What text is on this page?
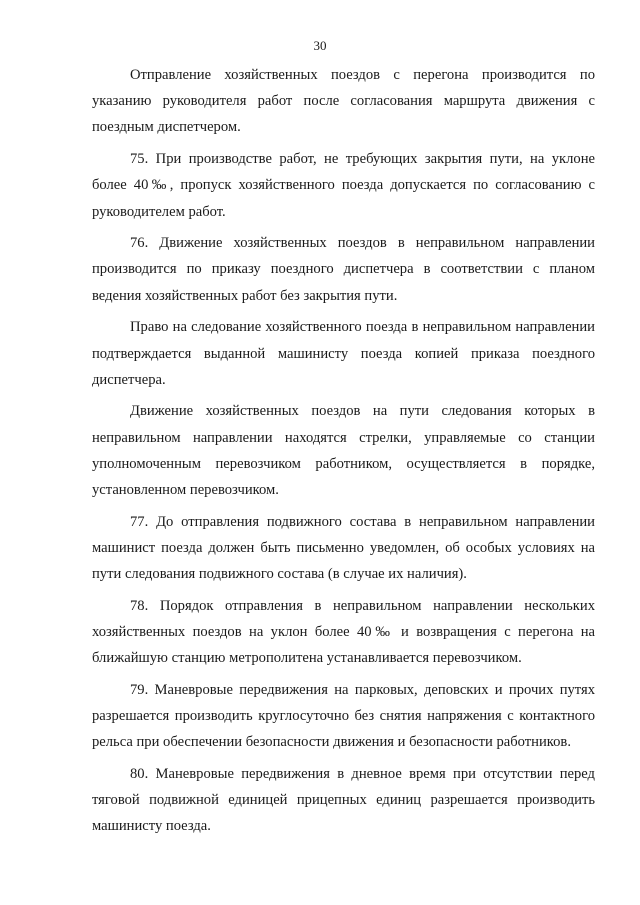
30

Отправление хозяйственных поездов с перегона производится по указанию руководителя работ после согласования маршрута движения с поездным диспетчером.

75. При производстве работ, не требующих закрытия пути, на уклоне более 40‰, пропуск хозяйственного поезда допускается по согласованию с руководителем работ.

76. Движение хозяйственных поездов в неправильном направлении производится по приказу поездного диспетчера в соответствии с планом ведения хозяйственных работ без закрытия пути.

Право на следование хозяйственного поезда в неправильном направлении подтверждается выданной машинисту поезда копией приказа поездного диспетчера.

Движение хозяйственных поездов на пути следования которых в неправильном направлении находятся стрелки, управляемые со станции уполномоченным перевозчиком работником, осуществляется в порядке, установленном перевозчиком.

77. До отправления подвижного состава в неправильном направлении машинист поезда должен быть письменно уведомлен, об особых условиях на пути следования подвижного состава (в случае их наличия).

78. Порядок отправления в неправильном направлении нескольких хозяйственных поездов на уклон более 40‰ и возвращения с перегона на ближайшую станцию метрополитена устанавливается перевозчиком.

79. Маневровые передвижения на парковых, деповских и прочих путях разрешается производить круглосуточно без снятия напряжения с контактного рельса при обеспечении безопасности движения и безопасности работников.

80. Маневровые передвижения в дневное время при отсутствии перед тяговой подвижной единицей прицепных единиц разрешается производить машинисту поезда.
